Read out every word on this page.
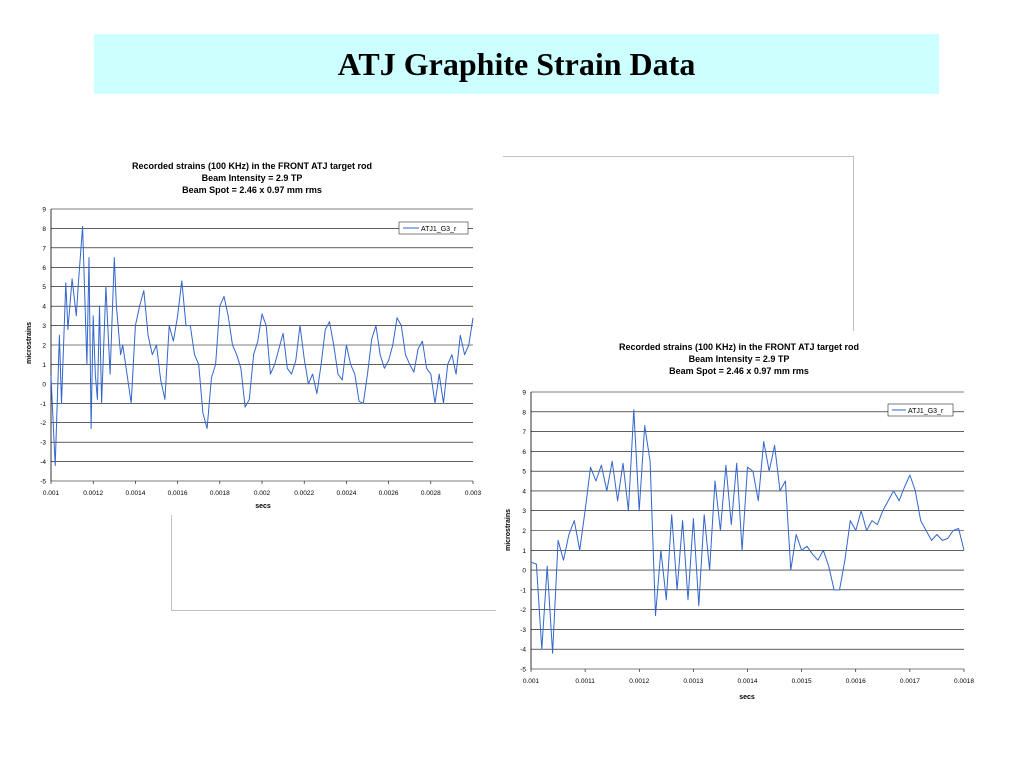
ATJ Graphite Strain Data
Recorded strains (100 KHz) in the FRONT ATJ target rod
Beam Intensity = 2.9 TP
Beam Spot = 2.46 x 0.97 mm rms
9
8
7
6
5
4
3
2
1
0
-1
-2
-3
-4
-5
0.001	0.0012	0.0014	0.0016	0.0018	0.002	0.0022	0.0024	0.0026	0.0028	0.003
microstrains
secs
ATJ1_G3_r
Recorded strains (100 KHz) in the FRONT ATJ target rod
Beam Intensity = 2.9 TP
Beam Spot = 2.46 x 0.97 mm rms
9
8
7
6
5
4
3
2
1
0
-1
-2
-3
-4
-5
0.001	0.0011	0.0012	0.0013	0.0014	0.0015	0.0016	0.0017	0.0018
microstrains
secs
ATJ1_G3_r
